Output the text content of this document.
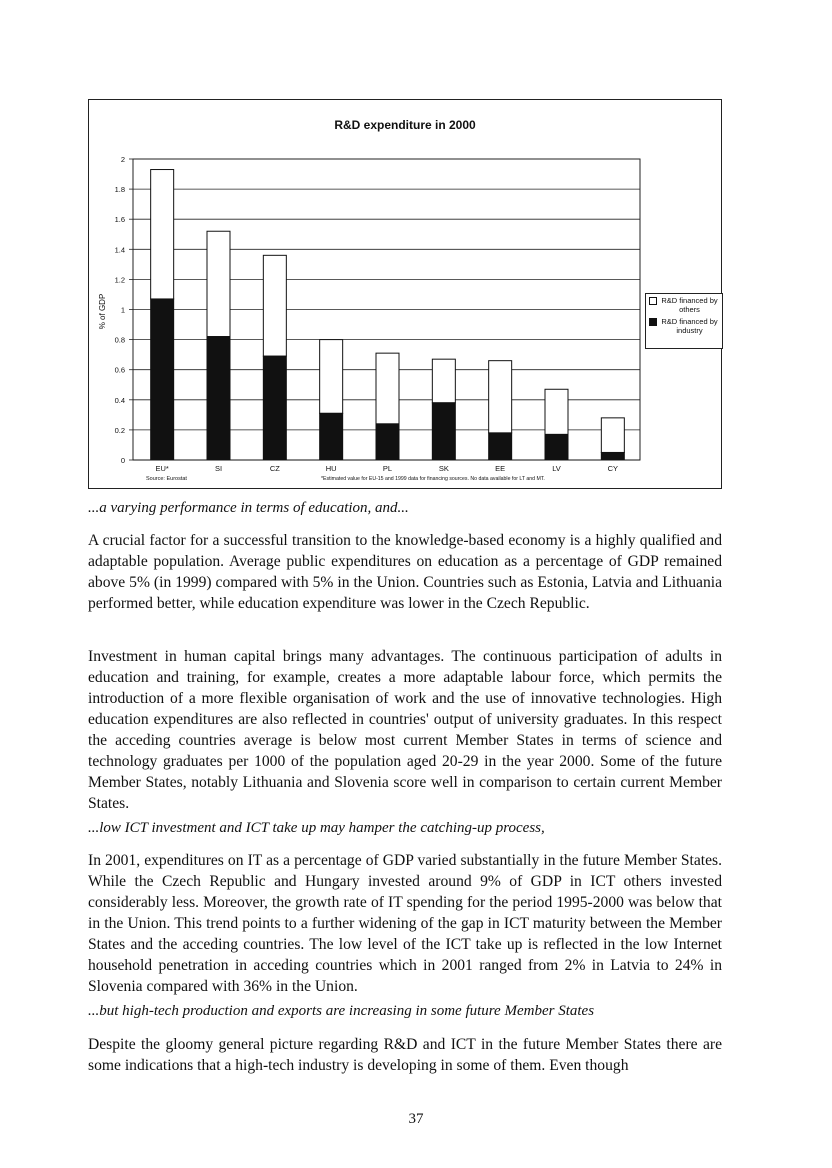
R&D expenditure in 2000
0
0.2
0.4
0.6
0.8
1
1.2
1.4
1.6
1.8
2
% of GDP
EU*	SI	CZ	HU	PL	SK	EE	LV	CY
Source: Eurostat	*Estimated value for EU-15 and 1999 data for financing sources. No data available for LT and MT.
R&D financed by others
R&D financed by industry
...a varying performance in terms of education, and...

A crucial factor for a successful transition to the knowledge-based economy is a highly qualified and adaptable population. Average public expenditures on education as a percentage of GDP remained above 5% (in 1999) compared with 5% in the Union. Countries such as Estonia, Latvia and Lithuania performed better, while education expenditure was lower in the Czech Republic.

Investment in human capital brings many advantages. The continuous participation of adults in education and training, for example, creates a more adaptable labour force, which permits the introduction of a more flexible organisation of work and the use of innovative technologies. High education expenditures are also reflected in countries' output of university graduates. In this respect the acceding countries average is below most current Member States in terms of science and technology graduates per 1000 of the population aged 20-29 in the year 2000. Some of the future Member States, notably Lithuania and Slovenia score well in comparison to certain current Member States.

...low ICT investment and ICT take up may hamper the catching-up process,

In 2001, expenditures on IT as a percentage of GDP varied substantially in the future Member States. While the Czech Republic and Hungary invested around 9% of GDP in ICT others invested considerably less. Moreover, the growth rate of IT spending for the period 1995-2000 was below that in the Union. This trend points to a further widening of the gap in ICT maturity between the Member States and the acceding countries. The low level of the ICT take up is reflected in the low Internet household penetration in acceding countries which in 2001 ranged from 2% in Latvia to 24% in Slovenia compared with 36% in the Union.

...but high-tech production and exports are increasing in some future Member States

Despite the gloomy general picture regarding R&D and ICT in the future Member States there are some indications that a high-tech industry is developing in some of them. Even though

37
